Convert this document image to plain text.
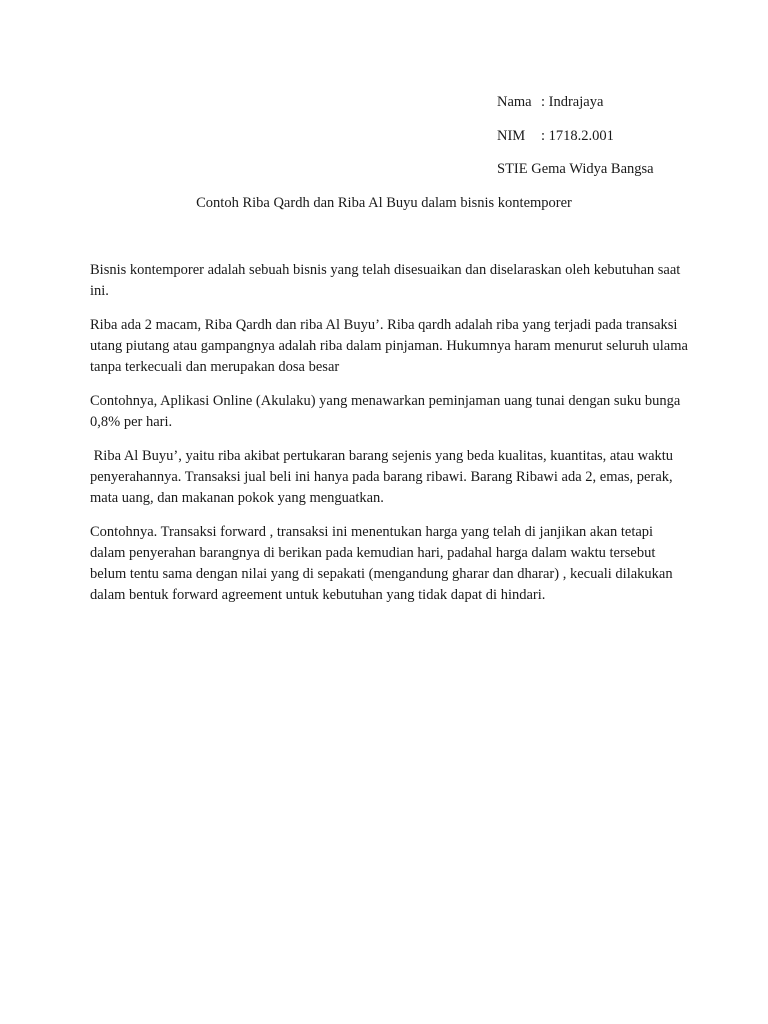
Nama : Indrajaya
NIM : 1718.2.001
STIE Gema Widya Bangsa
Contoh Riba Qardh dan Riba Al Buyu dalam bisnis kontemporer

Bisnis kontemporer adalah sebuah bisnis yang telah disesuaikan dan diselaraskan oleh kebutuhan saat ini.

Riba ada 2 macam, Riba Qardh dan riba Al Buyu’. Riba qardh adalah riba yang terjadi pada transaksi utang piutang atau gampangnya adalah riba dalam pinjaman. Hukumnya haram menurut seluruh ulama tanpa terkecuali dan merupakan dosa besar

Contohnya, Aplikasi Online (Akulaku) yang menawarkan peminjaman uang tunai dengan suku bunga 0,8% per hari.

Riba Al Buyu’, yaitu riba akibat pertukaran barang sejenis yang beda kualitas, kuantitas, atau waktu penyerahannya. Transaksi jual beli ini hanya pada barang ribawi. Barang Ribawi ada 2, emas, perak, mata uang, dan makanan pokok yang menguatkan.

Contohnya. Transaksi forward , transaksi ini menentukan harga yang telah di janjikan akan tetapi dalam penyerahan barangnya di berikan pada kemudian hari, padahal harga dalam waktu tersebut belum tentu sama dengan nilai yang di sepakati (mengandung gharar dan dharar) , kecuali dilakukan dalam bentuk forward agreement untuk kebutuhan yang tidak dapat di hindari.
